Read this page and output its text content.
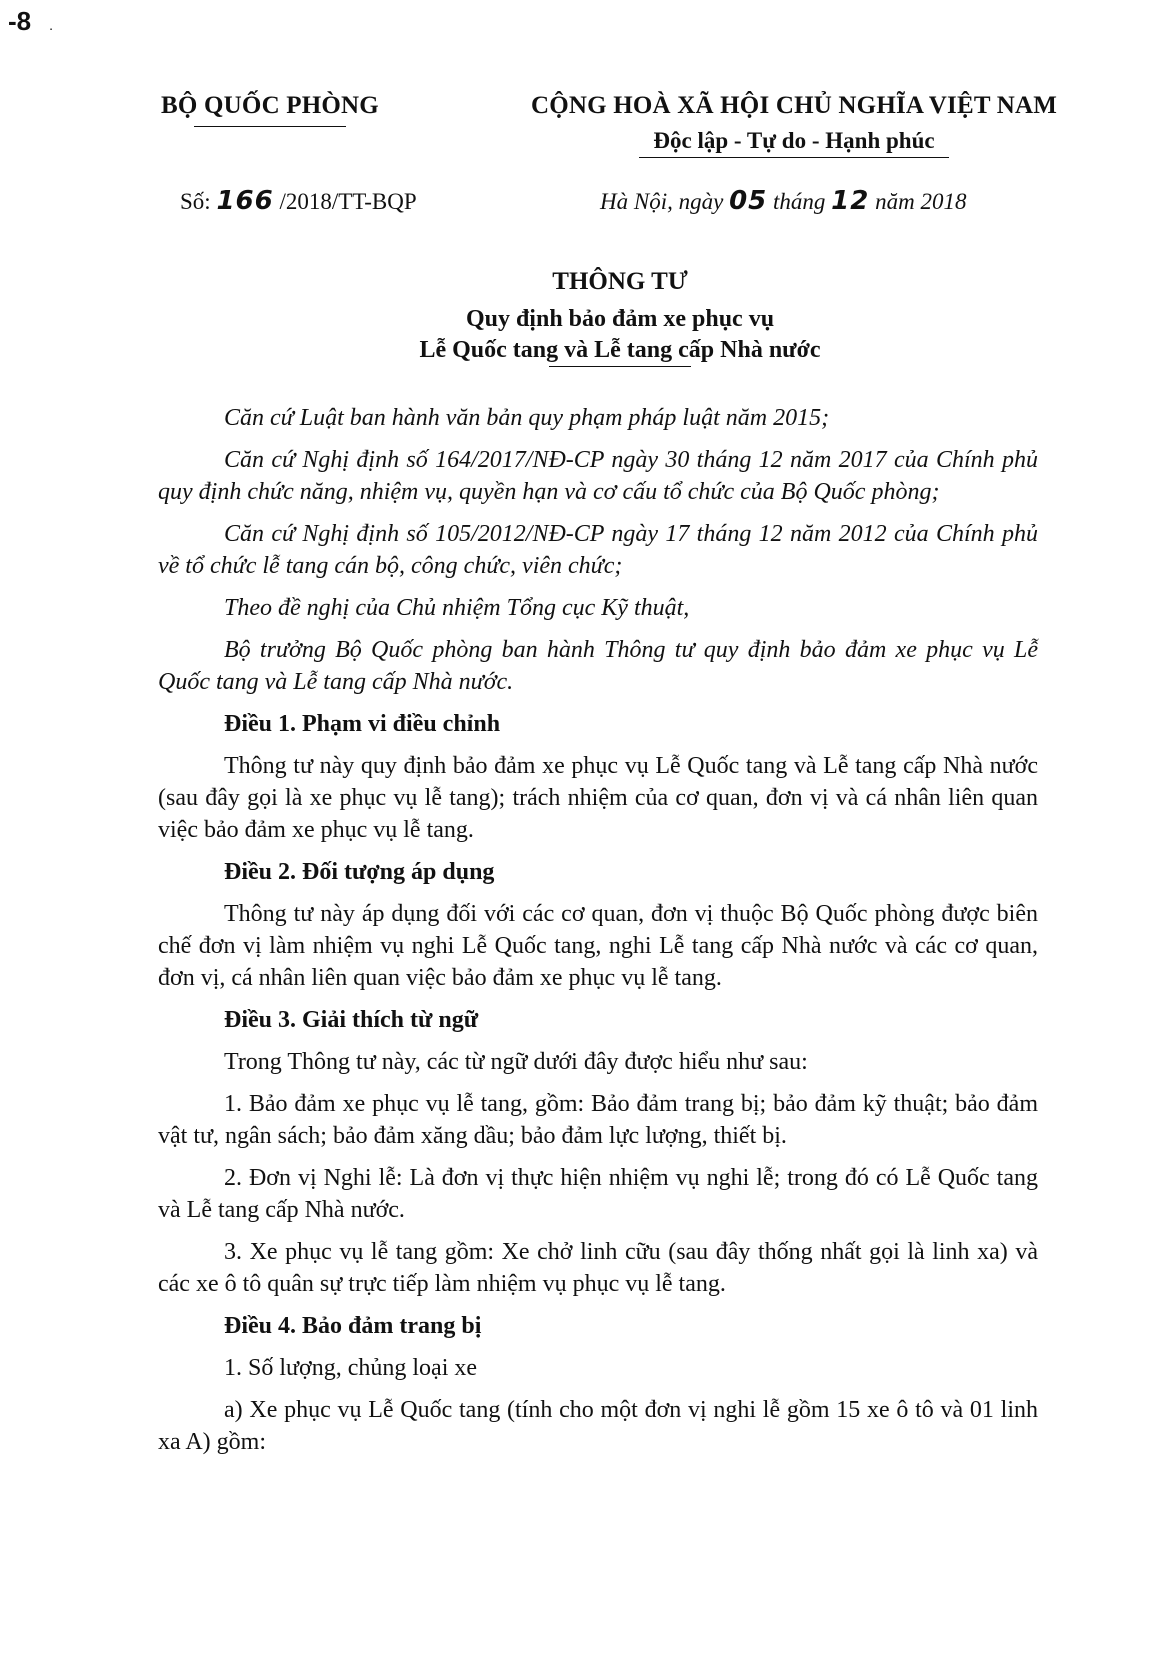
-8 .
BỘ QUỐC PHÒNG	CỘNG HOÀ XÃ HỘI CHỦ NGHĨA VIỆT NAM
Độc lập - Tự do - Hạnh phúc
Số: 166 /2018/TT-BQP	Hà Nội, ngày 05 tháng 12 năm 2018
THÔNG TƯ
Quy định bảo đảm xe phục vụ
Lễ Quốc tang và Lễ tang cấp Nhà nước

Căn cứ Luật ban hành văn bản quy phạm pháp luật năm 2015;

Căn cứ Nghị định số 164/2017/NĐ-CP ngày 30 tháng 12 năm 2017 của Chính phủ quy định chức năng, nhiệm vụ, quyền hạn và cơ cấu tổ chức của Bộ Quốc phòng;

Căn cứ Nghị định số 105/2012/NĐ-CP ngày 17 tháng 12 năm 2012 của Chính phủ về tổ chức lễ tang cán bộ, công chức, viên chức;

Theo đề nghị của Chủ nhiệm Tổng cục Kỹ thuật,

Bộ trưởng Bộ Quốc phòng ban hành Thông tư quy định bảo đảm xe phục vụ Lễ Quốc tang và Lễ tang cấp Nhà nước.

Điều 1. Phạm vi điều chỉnh

Thông tư này quy định bảo đảm xe phục vụ Lễ Quốc tang và Lễ tang cấp Nhà nước (sau đây gọi là xe phục vụ lễ tang); trách nhiệm của cơ quan, đơn vị và cá nhân liên quan việc bảo đảm xe phục vụ lễ tang.

Điều 2. Đối tượng áp dụng

Thông tư này áp dụng đối với các cơ quan, đơn vị thuộc Bộ Quốc phòng được biên chế đơn vị làm nhiệm vụ nghi Lễ Quốc tang, nghi Lễ tang cấp Nhà nước và các cơ quan, đơn vị, cá nhân liên quan việc bảo đảm xe phục vụ lễ tang.

Điều 3. Giải thích từ ngữ

Trong Thông tư này, các từ ngữ dưới đây được hiểu như sau:

1. Bảo đảm xe phục vụ lễ tang, gồm: Bảo đảm trang bị; bảo đảm kỹ thuật; bảo đảm vật tư, ngân sách; bảo đảm xăng dầu; bảo đảm lực lượng, thiết bị.

2. Đơn vị Nghi lễ: Là đơn vị thực hiện nhiệm vụ nghi lễ; trong đó có Lễ Quốc tang và Lễ tang cấp Nhà nước.

3. Xe phục vụ lễ tang gồm: Xe chở linh cữu (sau đây thống nhất gọi là linh xa) và các xe ô tô quân sự trực tiếp làm nhiệm vụ phục vụ lễ tang.

Điều 4. Bảo đảm trang bị

1. Số lượng, chủng loại xe

a) Xe phục vụ Lễ Quốc tang (tính cho một đơn vị nghi lễ gồm 15 xe ô tô và 01 linh xa A) gồm:
